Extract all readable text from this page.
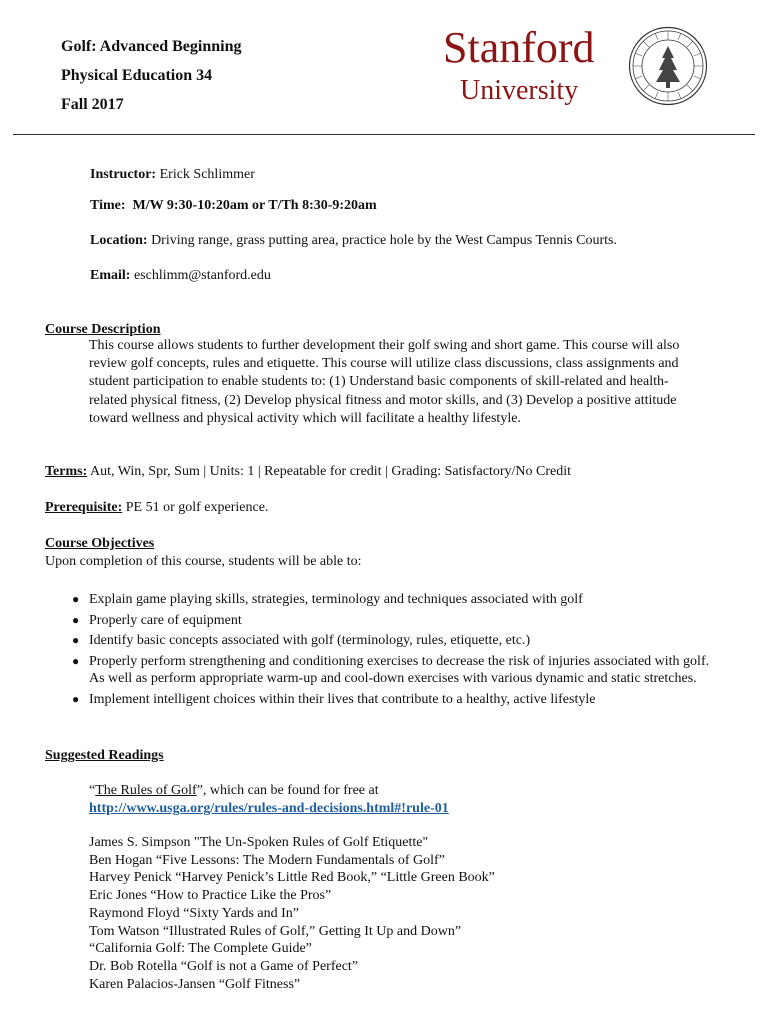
Golf: Advanced Beginning
Physical Education 34
Fall 2017
Stanford
University
Instructor: Erick Schlimmer
Time: M/W 9:30-10:20am or T/Th 8:30-9:20am
Location: Driving range, grass putting area, practice hole by the West Campus Tennis Courts.
Email: eschlimm@stanford.edu
Course Description
This course allows students to further development their golf swing and short game. This course will also review golf concepts, rules and etiquette. This course will utilize class discussions, class assignments and student participation to enable students to: (1) Understand basic components of skill-related and health-related physical fitness, (2) Develop physical fitness and motor skills, and (3) Develop a positive attitude toward wellness and physical activity which will facilitate a healthy lifestyle.
Terms: Aut, Win, Spr, Sum | Units: 1 | Repeatable for credit | Grading: Satisfactory/No Credit
Prerequisite: PE 51 or golf experience.
Course Objectives
Upon completion of this course, students will be able to:
● Explain game playing skills, strategies, terminology and techniques associated with golf
● Properly care of equipment
● Identify basic concepts associated with golf (terminology, rules, etiquette, etc.)
● Properly perform strengthening and conditioning exercises to decrease the risk of injuries associated with golf. As well as perform appropriate warm-up and cool-down exercises with various dynamic and static stretches.
● Implement intelligent choices within their lives that contribute to a healthy, active lifestyle
Suggested Readings
“The Rules of Golf”, which can be found for free at
http://www.usga.org/rules/rules-and-decisions.html#!rule-01
James S. Simpson "The Un-Spoken Rules of Golf Etiquette"
Ben Hogan “Five Lessons: The Modern Fundamentals of Golf”
Harvey Penick “Harvey Penick’s Little Red Book,” “Little Green Book”
Eric Jones “How to Practice Like the Pros”
Raymond Floyd “Sixty Yards and In”
Tom Watson “Illustrated Rules of Golf,” Getting It Up and Down”
“California Golf: The Complete Guide”
Dr. Bob Rotella “Golf is not a Game of Perfect”
Karen Palacios-Jansen “Golf Fitness”
